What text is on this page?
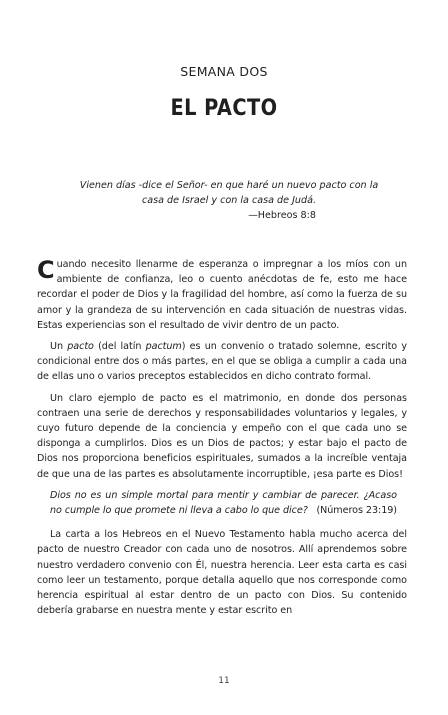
SEMANA DOS
EL PACTO
Vienen días -dice el Señor- en que haré un nuevo pacto con la casa de Israel y con la casa de Judá.
—Hebreos 8:8

Cuando necesito llenarme de esperanza o impregnar a los míos con un ambiente de confianza, leo o cuento anécdotas de fe, esto me hace recordar el poder de Dios y la fragilidad del hombre, así como la fuerza de su amor y la grandeza de su intervención en cada situación de nuestras vidas. Estas experiencias son el resultado de vivir dentro de un pacto.

Un pacto (del latín pactum) es un convenio o tratado solemne, escrito y condicional entre dos o más partes, en el que se obliga a cumplir a cada una de ellas uno o varios preceptos establecidos en dicho contrato formal.

Un claro ejemplo de pacto es el matrimonio, en donde dos personas contraen una serie de derechos y responsabilidades voluntarios y legales, y cuyo futuro depende de la conciencia y empeño con el que cada uno se disponga a cumplirlos. Dios es un Dios de pactos; y estar bajo el pacto de Dios nos proporciona beneficios espirituales, sumados a la increíble ventaja de que una de las partes es absolutamente incorruptible, ¡esa parte es Dios!

Dios no es un simple mortal para mentir y cambiar de parecer. ¿Acaso no cumple lo que promete ni lleva a cabo lo que dice? (Números 23:19)

La carta a los Hebreos en el Nuevo Testamento habla mucho acerca del pacto de nuestro Creador con cada uno de nosotros. Allí aprendemos sobre nuestro verdadero convenio con Él, nuestra herencia. Leer esta carta es casi como leer un testamento, porque detalla aquello que nos corresponde como herencia espiritual al estar dentro de un pacto con Dios. Su contenido debería grabarse en nuestra mente y estar escrito en

11
